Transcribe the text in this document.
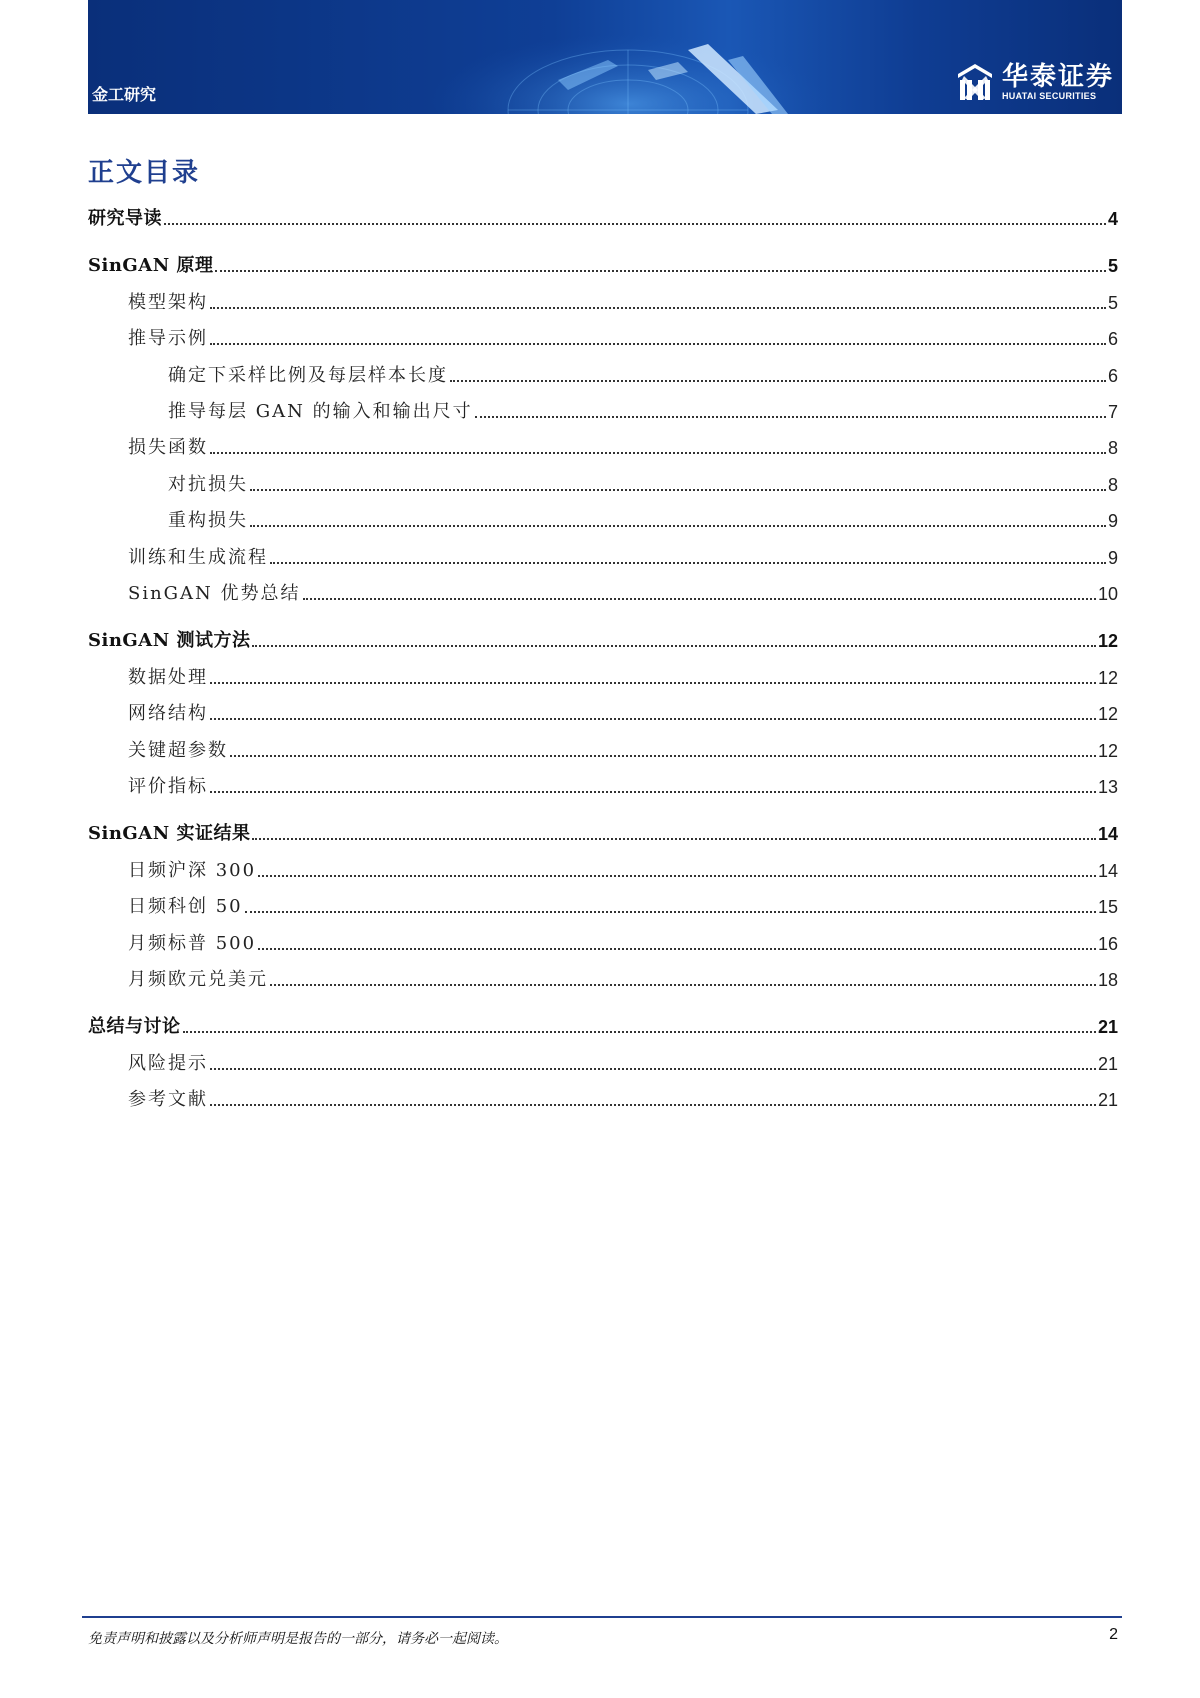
金工研究
华泰证券
HUATAI SECURITIES
正文目录
研究导读	4
SinGAN 原理	5
模型架构	5
推导示例	6
确定下采样比例及每层样本长度	6
推导每层 GAN 的输入和输出尺寸	7
损失函数	8
对抗损失	8
重构损失	9
训练和生成流程	9
SinGAN 优势总结	10
SinGAN 测试方法	12
数据处理	12
网络结构	12
关键超参数	12
评价指标	13
SinGAN 实证结果	14
日频沪深 300	14
日频科创 50	15
月频标普 500	16
月频欧元兑美元	18
总结与讨论	21
风险提示	21
参考文献	21
免责声明和披露以及分析师声明是报告的一部分，请务必一起阅读。	2
